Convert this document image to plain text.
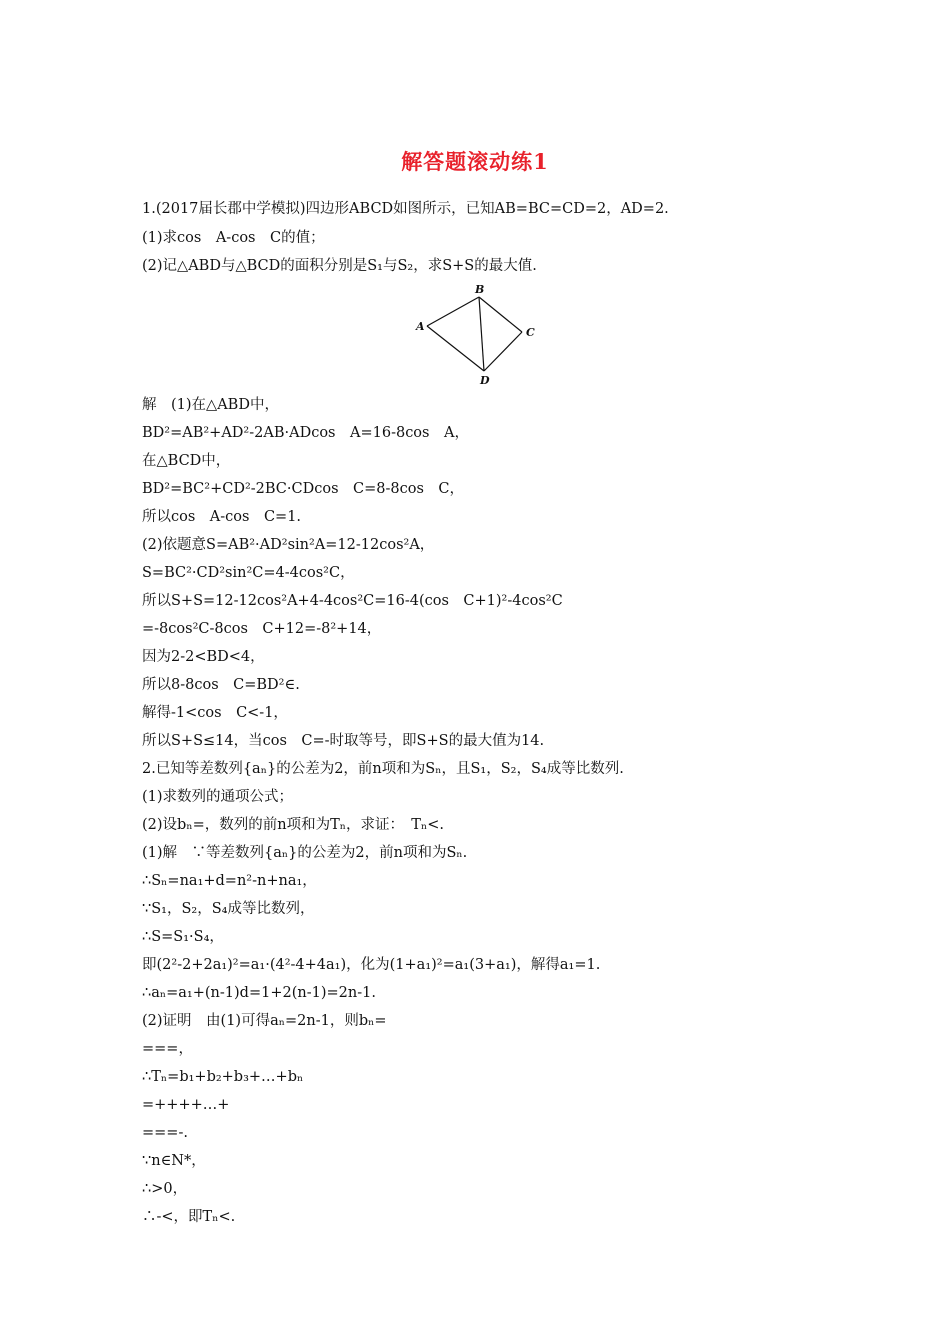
解答题滚动练1
1.(2017届长郡中学模拟)四边形ABCD如图所示，已知AB=BC=CD=2，AD=2.
(1)求cos　A-cos　C的值；
(2)记△ABD与△BCD的面积分别是S₁与S₂，求S+S的最大值.
A
B
C
D
解　(1)在△ABD中，
BD²=AB²+AD²-2AB·ADcos　A=16-8cos　A，
在△BCD中，
BD²=BC²+CD²-2BC·CDcos　C=8-8cos　C，
所以cos　A-cos　C=1.
(2)依题意S=AB²·AD²sin²A=12-12cos²A，
S=BC²·CD²sin²C=4-4cos²C，
所以S+S=12-12cos²A+4-4cos²C=16-4(cos　C+1)²-4cos²C
=-8cos²C-8cos　C+12=-8²+14，
因为2-2<BD<4，
所以8-8cos　C=BD²∈.
解得-1<cos　C<-1，
所以S+S≤14，当cos　C=-时取等号，即S+S的最大值为14.
2.已知等差数列{aₙ}的公差为2，前n项和为Sₙ，且S₁，S₂，S₄成等比数列.
(1)求数列的通项公式；
(2)设bₙ=，数列的前n项和为Tₙ，求证：　Tₙ<.
(1)解　∵等差数列{aₙ}的公差为2，前n项和为Sₙ.
∴Sₙ=na₁+d=n²-n+na₁，
∵S₁，S₂，S₄成等比数列，
∴S=S₁·S₄，
即(2²-2+2a₁)²=a₁·(4²-4+4a₁)，化为(1+a₁)²=a₁(3+a₁)，解得a₁=1.
∴aₙ=a₁+(n-1)d=1+2(n-1)=2n-1.
(2)证明　由(1)可得aₙ=2n-1，则bₙ=
===，
∴Tₙ=b₁+b₂+b₃+…+bₙ
=++++…+
===-.
∵n∈N*，
∴>0，
∴-<，即Tₙ<.
